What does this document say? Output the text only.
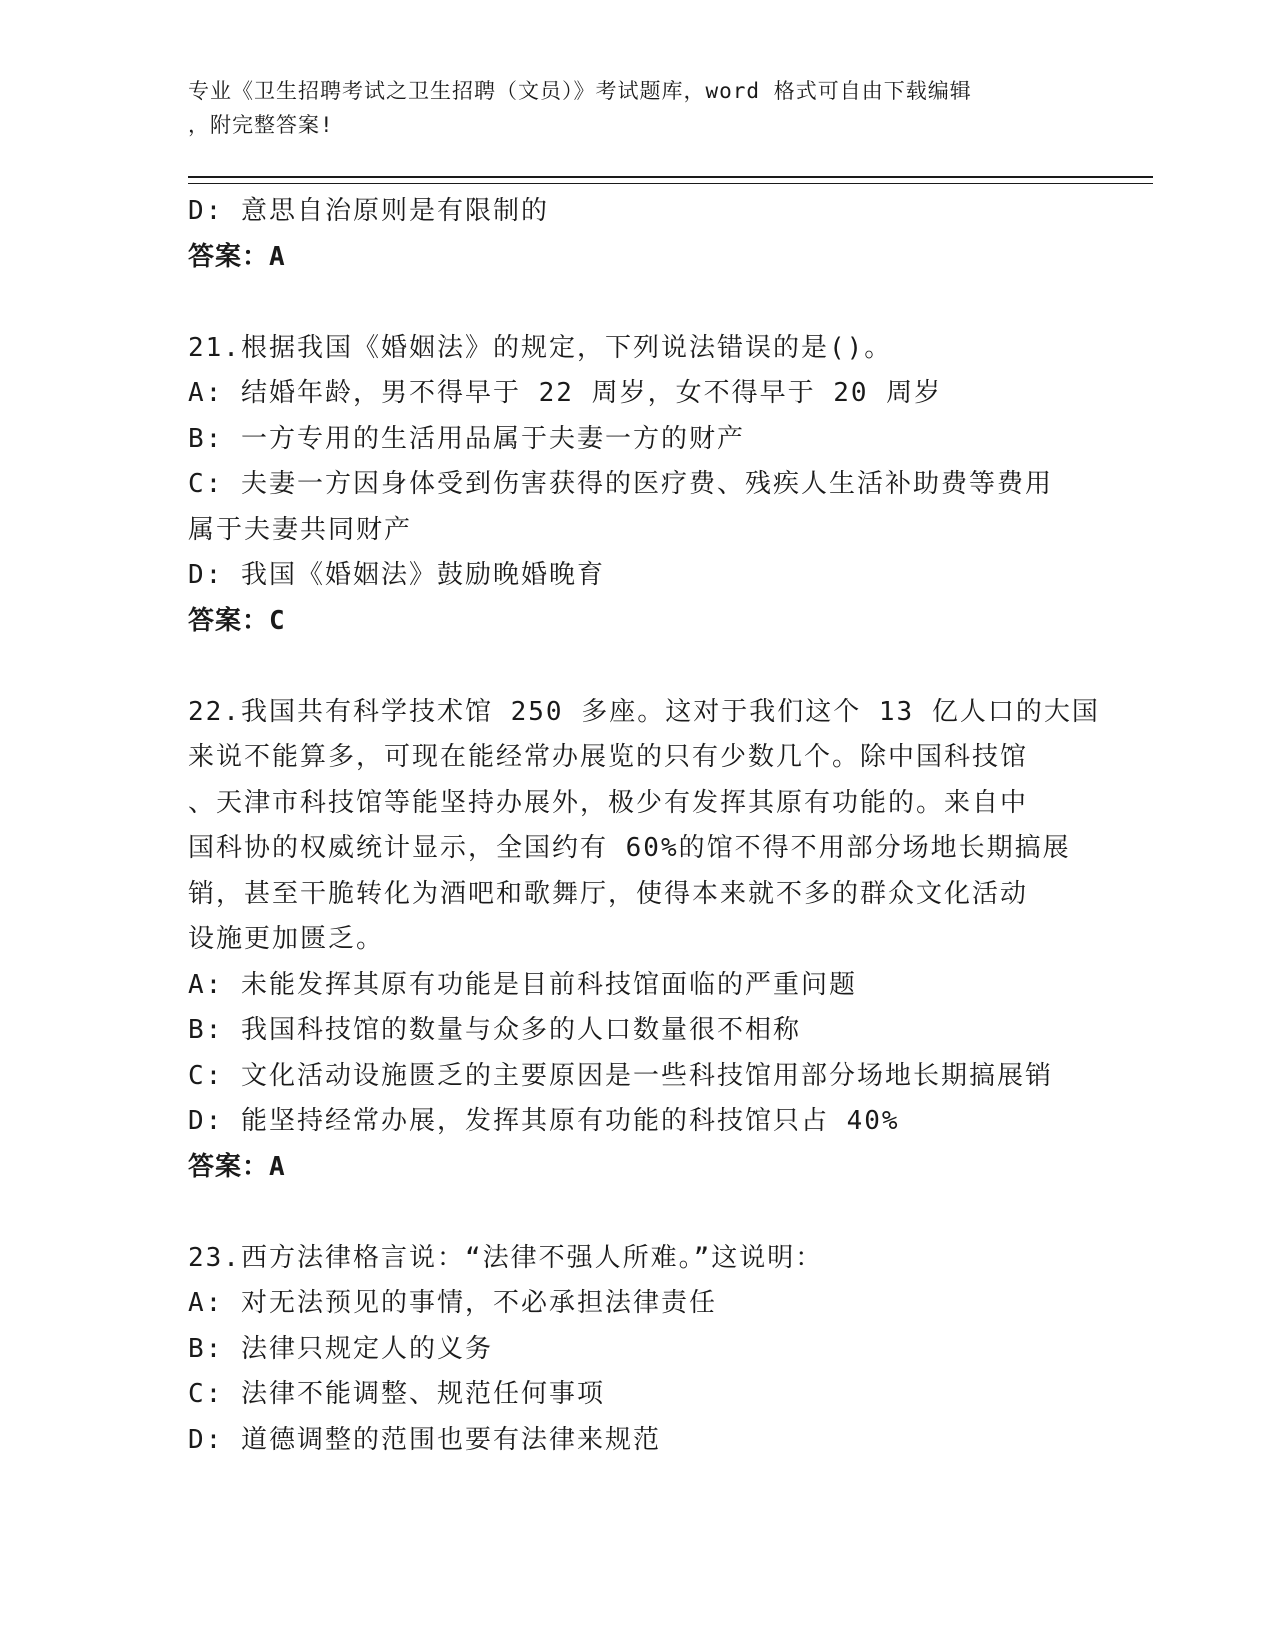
专业《卫生招聘考试之卫生招聘（文员）》考试题库，word 格式可自由下载编辑
，附完整答案!
D: 意思自治原则是有限制的
答案：A
21.根据我国《婚姻法》的规定，下列说法错误的是()。
A: 结婚年龄，男不得早于 22 周岁，女不得早于 20 周岁
B: 一方专用的生活用品属于夫妻一方的财产
C: 夫妻一方因身体受到伤害获得的医疗费、残疾人生活补助费等费用
属于夫妻共同财产
D: 我国《婚姻法》鼓励晚婚晚育
答案：C
22.我国共有科学技术馆 250 多座。这对于我们这个 13 亿人口的大国
来说不能算多，可现在能经常办展览的只有少数几个。除中国科技馆
、天津市科技馆等能坚持办展外，极少有发挥其原有功能的。来自中
国科协的权威统计显示，全国约有 60%的馆不得不用部分场地长期搞展
销，甚至干脆转化为酒吧和歌舞厅，使得本来就不多的群众文化活动
设施更加匮乏。
A: 未能发挥其原有功能是目前科技馆面临的严重问题
B: 我国科技馆的数量与众多的人口数量很不相称
C: 文化活动设施匮乏的主要原因是一些科技馆用部分场地长期搞展销
D: 能坚持经常办展，发挥其原有功能的科技馆只占 40%
答案：A
23.西方法律格言说：“法律不强人所难。”这说明：
A: 对无法预见的事情，不必承担法律责任
B: 法律只规定人的义务
C: 法律不能调整、规范任何事项
D: 道德调整的范围也要有法律来规范
